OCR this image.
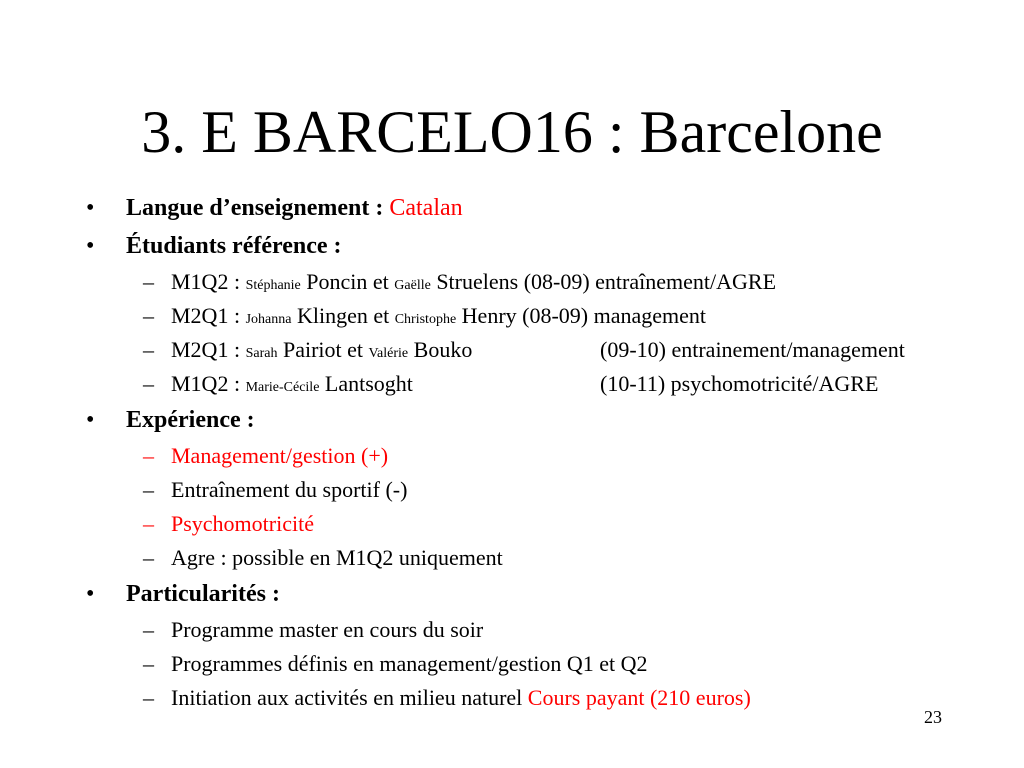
3. E BARCELO16 : Barcelone
• Langue d’enseignement : Catalan
• Étudiants référence :
– M1Q2 : Stéphanie Poncin et Gaëlle Struelens (08-09) entraînement/AGRE
– M2Q1 : Johanna Klingen et Christophe Henry (08-09) management
– M2Q1 : Sarah Pairiot et Valérie Bouko	(09-10) entrainement/management
– M1Q2 : Marie-Cécile Lantsoght	(10-11) psychomotricité/AGRE
• Expérience :
– Management/gestion (+)
– Entraînement du sportif (-)
– Psychomotricité
– Agre : possible en M1Q2 uniquement
• Particularités :
– Programme master en cours du soir
– Programmes définis en management/gestion Q1 et Q2
– Initiation aux activités en milieu naturel Cours payant (210 euros)
23
